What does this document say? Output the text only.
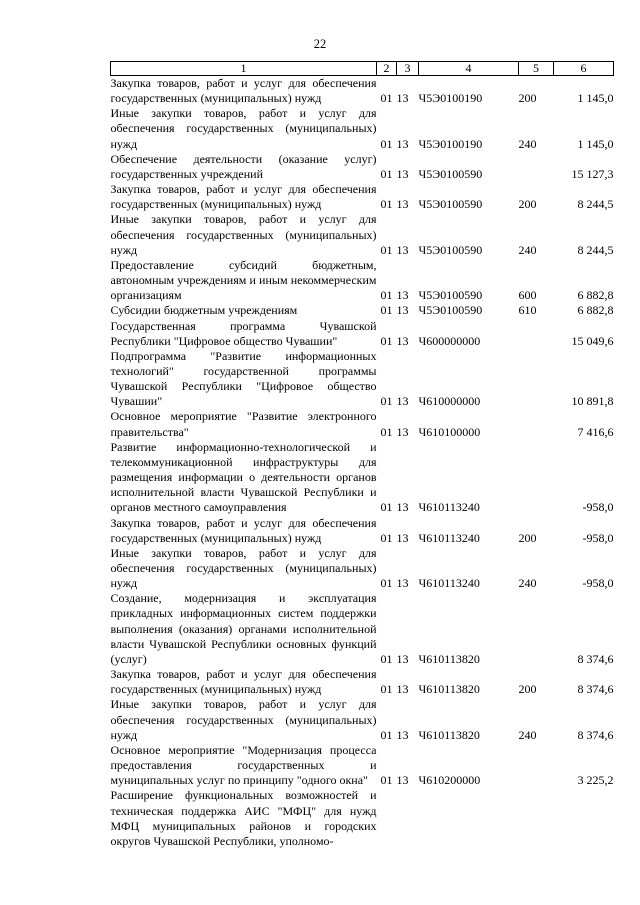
22
1	2	3	4	5	6
Закупка товаров, работ и услуг для обеспечения государственных (муниципальных) нужд	01	13	Ч5Э0100190	200	1 145,0
Иные закупки товаров, работ и услуг для обеспечения государственных (муниципальных) нужд	01	13	Ч5Э0100190	240	1 145,0
Обеспечение деятельности (оказание услуг) государственных учреждений	01	13	Ч5Э0100590		15 127,3
Закупка товаров, работ и услуг для обеспечения государственных (муниципальных) нужд	01	13	Ч5Э0100590	200	8 244,5
Иные закупки товаров, работ и услуг для обеспечения государственных (муниципальных) нужд	01	13	Ч5Э0100590	240	8 244,5
Предоставление субсидий бюджетным, автономным учреждениям и иным некоммерческим организациям	01	13	Ч5Э0100590	600	6 882,8
Субсидии бюджетным учреждениям	01	13	Ч5Э0100590	610	6 882,8
Государственная программа Чувашской Республики "Цифровое общество Чувашии"	01	13	Ч600000000		15 049,6
Подпрограмма "Развитие информационных технологий" государственной программы Чувашской Республики "Цифровое общество Чувашии"	01	13	Ч610000000		10 891,8
Основное мероприятие "Развитие электронного правительства"	01	13	Ч610100000		7 416,6
Развитие информационно-технологической и телекоммуникационной инфраструктуры для размещения информации о деятельности органов исполнительной власти Чувашской Республики и органов местного самоуправления	01	13	Ч610113240		-958,0
Закупка товаров, работ и услуг для обеспечения государственных (муниципальных) нужд	01	13	Ч610113240	200	-958,0
Иные закупки товаров, работ и услуг для обеспечения государственных (муниципальных) нужд	01	13	Ч610113240	240	-958,0
Создание, модернизация и эксплуатация прикладных информационных систем поддержки выполнения (оказания) органами исполнительной власти Чувашской Республики основных функций (услуг)	01	13	Ч610113820		8 374,6
Закупка товаров, работ и услуг для обеспечения государственных (муниципальных) нужд	01	13	Ч610113820	200	8 374,6
Иные закупки товаров, работ и услуг для обеспечения государственных (муниципальных) нужд	01	13	Ч610113820	240	8 374,6
Основное мероприятие "Модернизация процесса предоставления государственных и муниципальных услуг по принципу "одного окна"	01	13	Ч610200000		3 225,2
Расширение функциональных возможностей и техническая поддержка АИС "МФЦ" для нужд МФЦ муниципальных районов и городских округов Чувашской Республики, уполномо-					
